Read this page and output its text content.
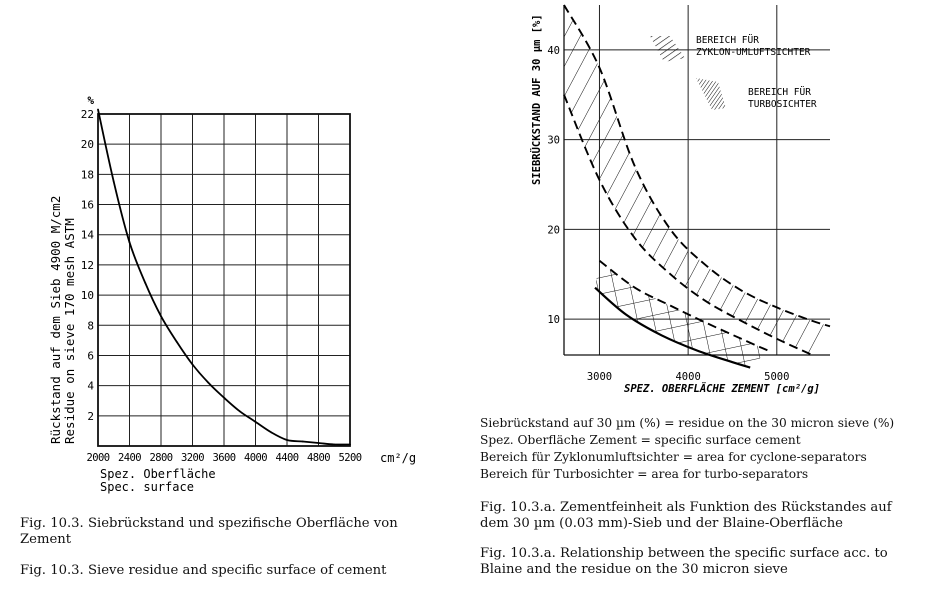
2000 2400 2800 3200 3600 4000 4400 4800 5200
2
4
6
8
10
12
14
16
18
20
22
%
cm²/g
Spez. Oberfläche
Spec. surface
Rückstand auf dem Sieb 4900 M/cm2 Residue on sieve 170 mesh ASTM
Fig. 10.3. Siebrückstand und spezifische Oberfläche von Zement
Fig. 10.3. Sieve residue and specific surface of cement
3000	4000	5000
10
20
30
40
SPEZ. OBERFLÄCHE ZEMENT [cm²/g]
SIEBRÜCKSTAND AUF 30 µm [%]	BEREICH FÜR
ZYKLON-UMLUFTSICHTER
BEREICH FÜR
TURBOSICHTER
Siebrückstand auf 30 µm (%) = residue on the 30 micron sieve (%)
Spez. Oberfläche Zement = specific surface cement
Bereich für Zyklonumluftsichter = area for cyclone-separators
Bereich für Turbosichter = area for turbo-separators
Fig. 10.3.a. Zementfeinheit als Funktion des Rückstandes auf dem 30 µm (0.03 mm)-Sieb und der Blaine-Oberfläche
Fig. 10.3.a. Relationship between the specific surface acc. to Blaine and the residue on the 30 micron sieve
